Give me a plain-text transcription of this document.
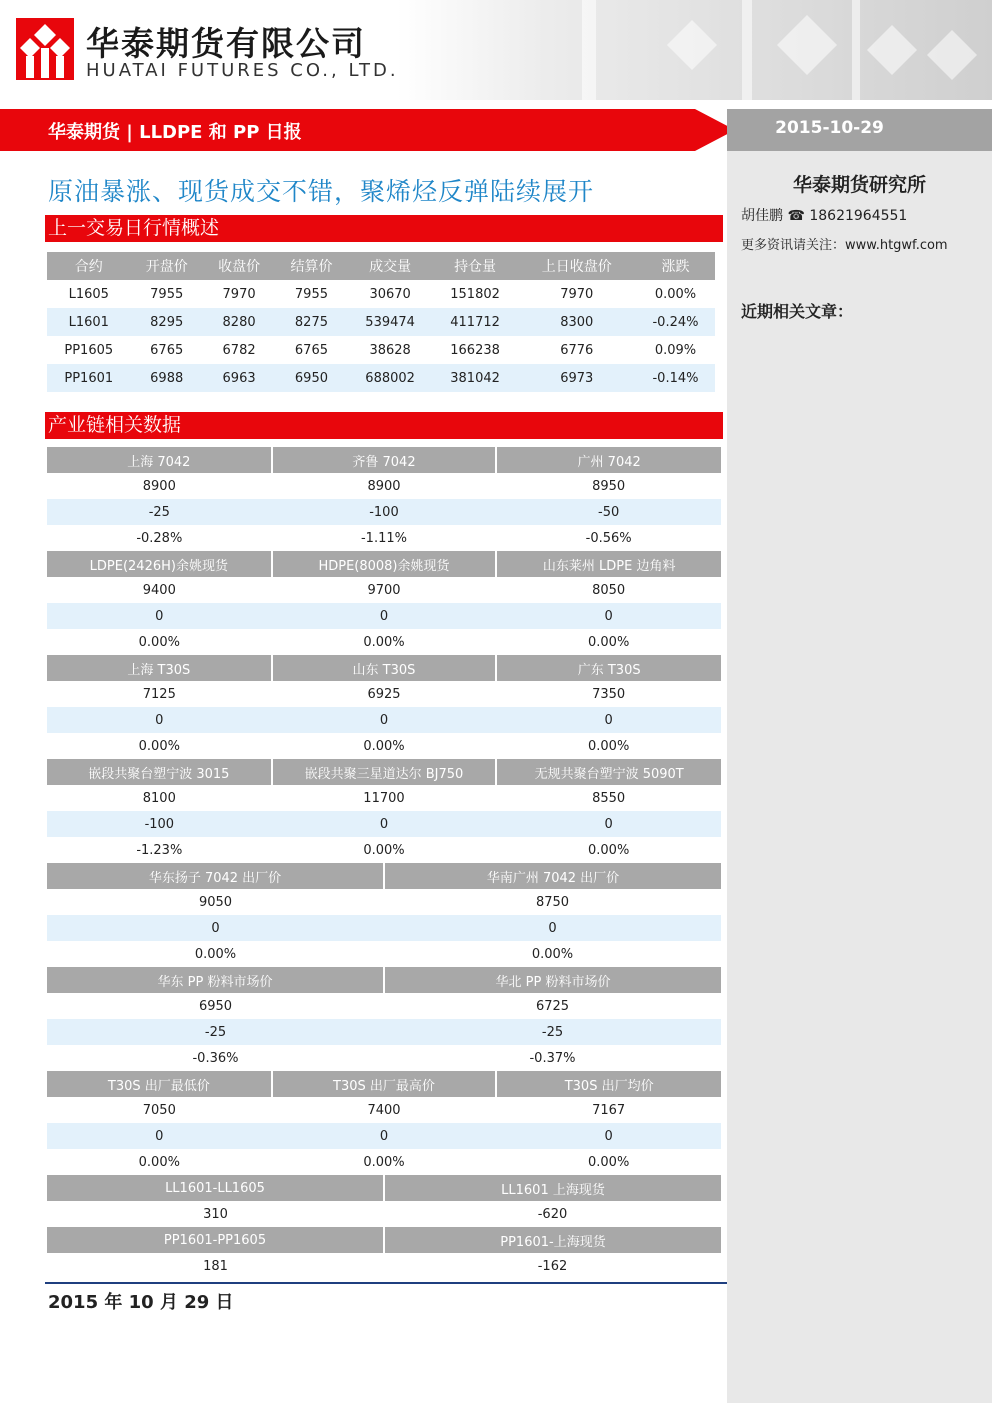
华泰期货有限公司
HUATAI FUTURES CO., LTD.
华泰期货 | LLDPE 和 PP 日报	2015-10-29
华泰期货研究所
胡佳鹏 ☎ 18621964551
更多资讯请关注：www.htgwf.com
近期相关文章：
原油暴涨、现货成交不错，聚烯烃反弹陆续展开
上一交易日行情概述
合约	开盘价	收盘价	结算价	成交量	持仓量	上日收盘价	涨跌
L1605	7955	7970	7955	30670	151802	7970	0.00%
L1601	8295	8280	8275	539474	411712	8300	-0.24%
PP1605	6765	6782	6765	38628	166238	6776	0.09%
PP1601	6988	6963	6950	688002	381042	6973	-0.14%
产业链相关数据
上海 7042	齐鲁 7042		广州 7042
8900	8900		8950
-25	-100		-50
-0.28%	-1.11%		-0.56%
LDPE(2426H)余姚现货	HDPE(8008)余姚现货		山东莱州 LDPE 边角料
9400	9700		8050
0	0		0
0.00%	0.00%		0.00%
上海 T30S	山东 T30S		广东 T30S
7125	6925		7350
0	0		0
0.00%	0.00%		0.00%
嵌段共聚台塑宁波 3015	嵌段共聚三星道达尔 BJ750		无规共聚台塑宁波 5090T
8100	11700		8550
-100	0		0
-1.23%	0.00%		0.00%
华东扬子 7042 出厂价		华南广州 7042 出厂价	
9050		8750	
0		0	
0.00%		0.00%	
华东 PP 粉料市场价		华北 PP 粉料市场价	
6950		6725	
-25		-25	
-0.36%		-0.37%	
T30S 出厂最低价	T30S 出厂最高价		T30S 出厂均价
7050	7400		7167
0	0		0
0.00%	0.00%		0.00%
LL1601-LL1605		LL1601 上海现货	
310		-620	
PP1601-PP1605		PP1601-上海现货	
181		-162	
2015 年 10 月 29 日
